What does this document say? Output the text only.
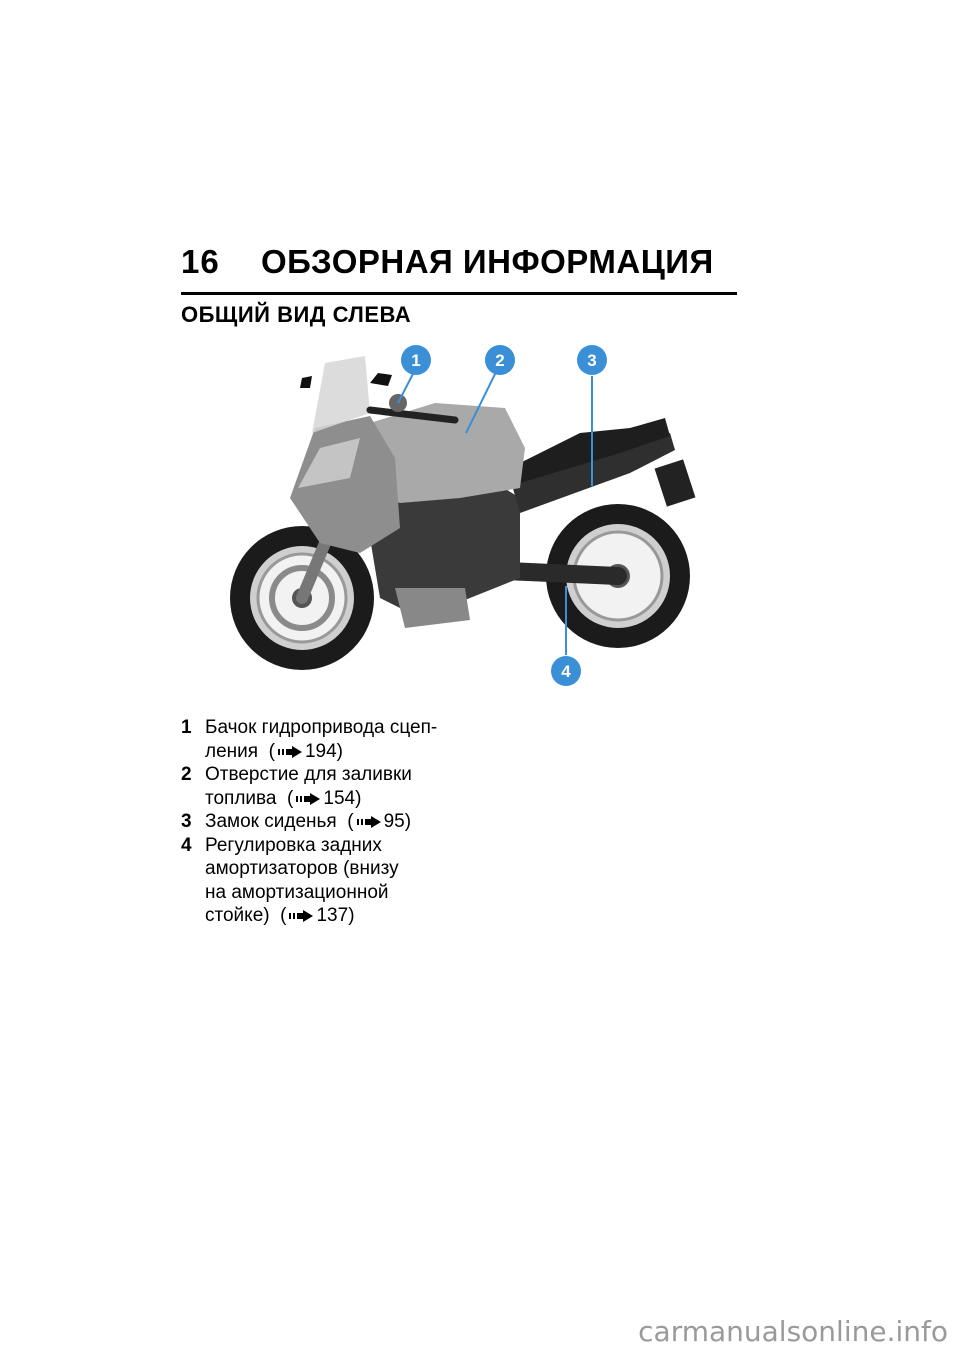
16 ОБЗОРНАЯ ИНФОРМАЦИЯ
ОБЩИЙ ВИД СЛЕВА
1	2	3
4
1 Бачок гидропривода сцеп-
ления  ( 194)
2 Отверстие для заливки
топлива  ( 154)
3 Замок сиденья  ( 95)
4 Регулировка задних
амортизаторов (внизу
на амортизационной
стойке)  ( 137)
carmanualsonline.info
